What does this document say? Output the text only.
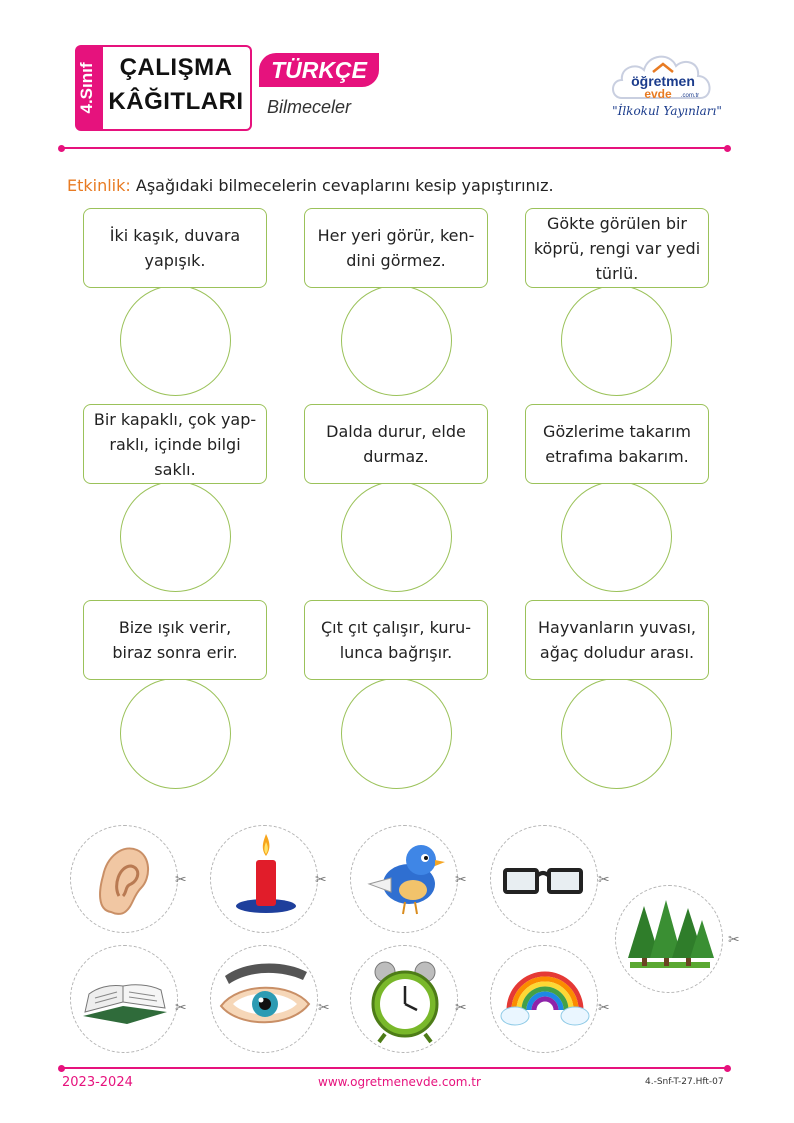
4.Sınıf ÇALIŞMA
KÂĞITLARI
TÜRKÇE
Bilmeceler
öğretmen
evde .com.tr
"İlkokul Yayınları"
Etkinlik: Aşağıdaki bilmecelerin cevaplarını kesip yapıştırınız.
İki kaşık, duvara
yapışık.
Her yeri görür, ken-
dini görmez.
Gökte görülen bir
köprü, rengi var yedi
türlü.
Bir kapaklı, çok yap-
raklı, içinde bilgi
saklı.
Dalda durur, elde
durmaz.
Gözlerime takarım
etrafıma bakarım.
Bize ışık verir,
biraz sonra erir.
Çıt çıt çalışır, kuru-
lunca bağrışır.
Hayvanların yuvası,
ağaç doludur arası.
✂	✂	✂	✂
✂
✂	✂	✂	✂
2023-2024	www.ogretmenevde.com.tr	4.-Snf-T-27.Hft-07
